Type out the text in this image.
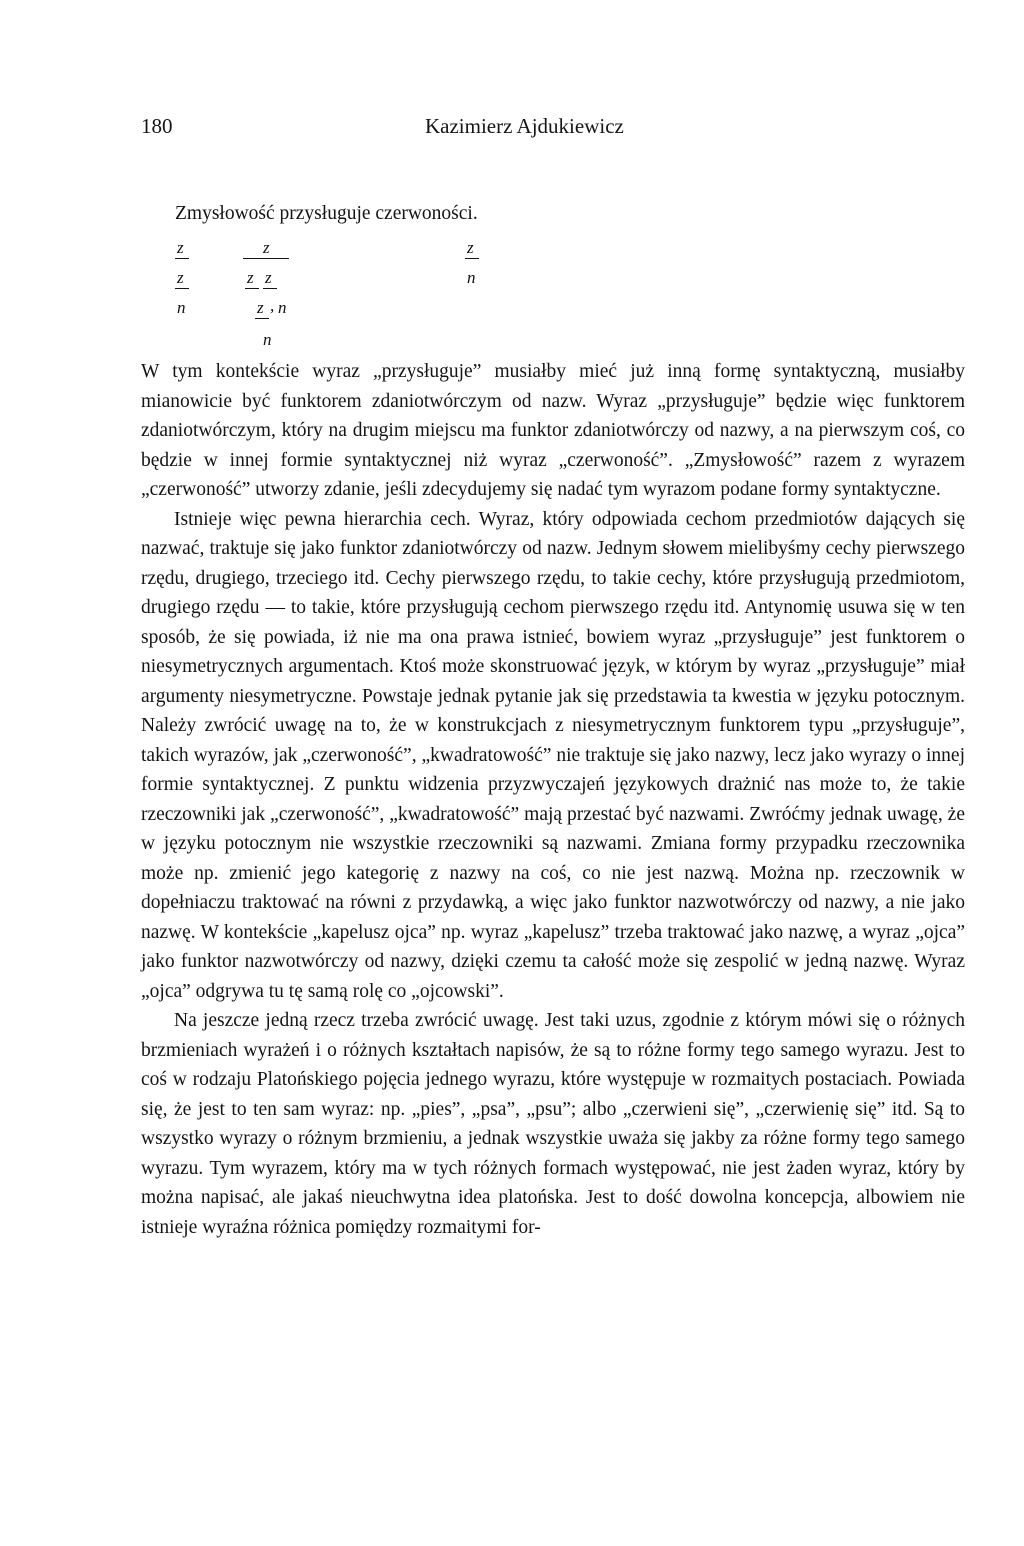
180	Kazimierz Ajdukiewicz
Zmysłowość przysługuje czerwoności.
z
z
n
z
z z
z , n
n
z
n

W tym kontekście wyraz „przysługuje” musiałby mieć już inną formę syntaktyczną, musiałby mianowicie być funktorem zdaniotwórczym od nazw. Wyraz „przysługuje” będzie więc funktorem zdaniotwórczym, który na drugim miejscu ma funktor zdaniotwórczy od nazwy, a na pierwszym coś, co będzie w innej formie syntaktycznej niż wyraz „czerwoność”. „Zmysłowość” razem z wyrazem „czerwoność” utworzy zdanie, jeśli zdecydujemy się nadać tym wyrazom podane formy syntaktyczne.

Istnieje więc pewna hierarchia cech. Wyraz, który odpowiada cechom przedmiotów dających się nazwać, traktuje się jako funktor zdaniotwórczy od nazw. Jednym słowem mielibyśmy cechy pierwszego rzędu, drugiego, trzeciego itd. Cechy pierwszego rzędu, to takie cechy, które przysługują przedmiotom, drugiego rzędu — to takie, które przysługują cechom pierwszego rzędu itd. Antynomię usuwa się w ten sposób, że się powiada, iż nie ma ona prawa istnieć, bowiem wyraz „przysługuje” jest funktorem o niesymetrycznych argumentach. Ktoś może skonstruować język, w którym by wyraz „przysługuje” miał argumenty niesymetryczne. Powstaje jednak pytanie jak się przedstawia ta kwestia w języku potocznym. Należy zwrócić uwagę na to, że w konstrukcjach z niesymetrycznym funktorem typu „przysługuje”, takich wyrazów, jak „czerwoność”, „kwadratowość” nie traktuje się jako nazwy, lecz jako wyrazy o innej formie syntaktycznej. Z punktu widzenia przyzwyczajeń językowych drażnić nas może to, że takie rzeczowniki jak „czerwoność”, „kwadratowość” mają przestać być nazwami. Zwróćmy jednak uwagę, że w języku potocznym nie wszystkie rzeczowniki są nazwami. Zmiana formy przypadku rzeczownika może np. zmienić jego kategorię z nazwy na coś, co nie jest nazwą. Można np. rzeczownik w dopełniaczu traktować na równi z przydawką, a więc jako funktor nazwotwórczy od nazwy, a nie jako nazwę. W kontekście „kapelusz ojca” np. wyraz „kapelusz” trzeba traktować jako nazwę, a wyraz „ojca” jako funktor nazwotwórczy od nazwy, dzięki czemu ta całość może się zespolić w jedną nazwę. Wyraz „ojca” odgrywa tu tę samą rolę co „ojcowski”.

Na jeszcze jedną rzecz trzeba zwrócić uwagę. Jest taki uzus, zgodnie z którym mówi się o różnych brzmieniach wyrażeń i o różnych kształtach napisów, że są to różne formy tego samego wyrazu. Jest to coś w rodzaju Platońskiego pojęcia jednego wyrazu, które występuje w rozmaitych postaciach. Powiada się, że jest to ten sam wyraz: np. „pies”, „psa”, „psu”; albo „czerwieni się”, „czerwienię się” itd. Są to wszystko wyrazy o różnym brzmieniu, a jednak wszystkie uważa się jakby za różne formy tego samego wyrazu. Tym wyrazem, który ma w tych różnych formach występować, nie jest żaden wyraz, który by można napisać, ale jakaś nieuchwytna idea platońska. Jest to dość dowolna koncepcja, albowiem nie istnieje wyraźna różnica pomiędzy rozmaitymi for-
